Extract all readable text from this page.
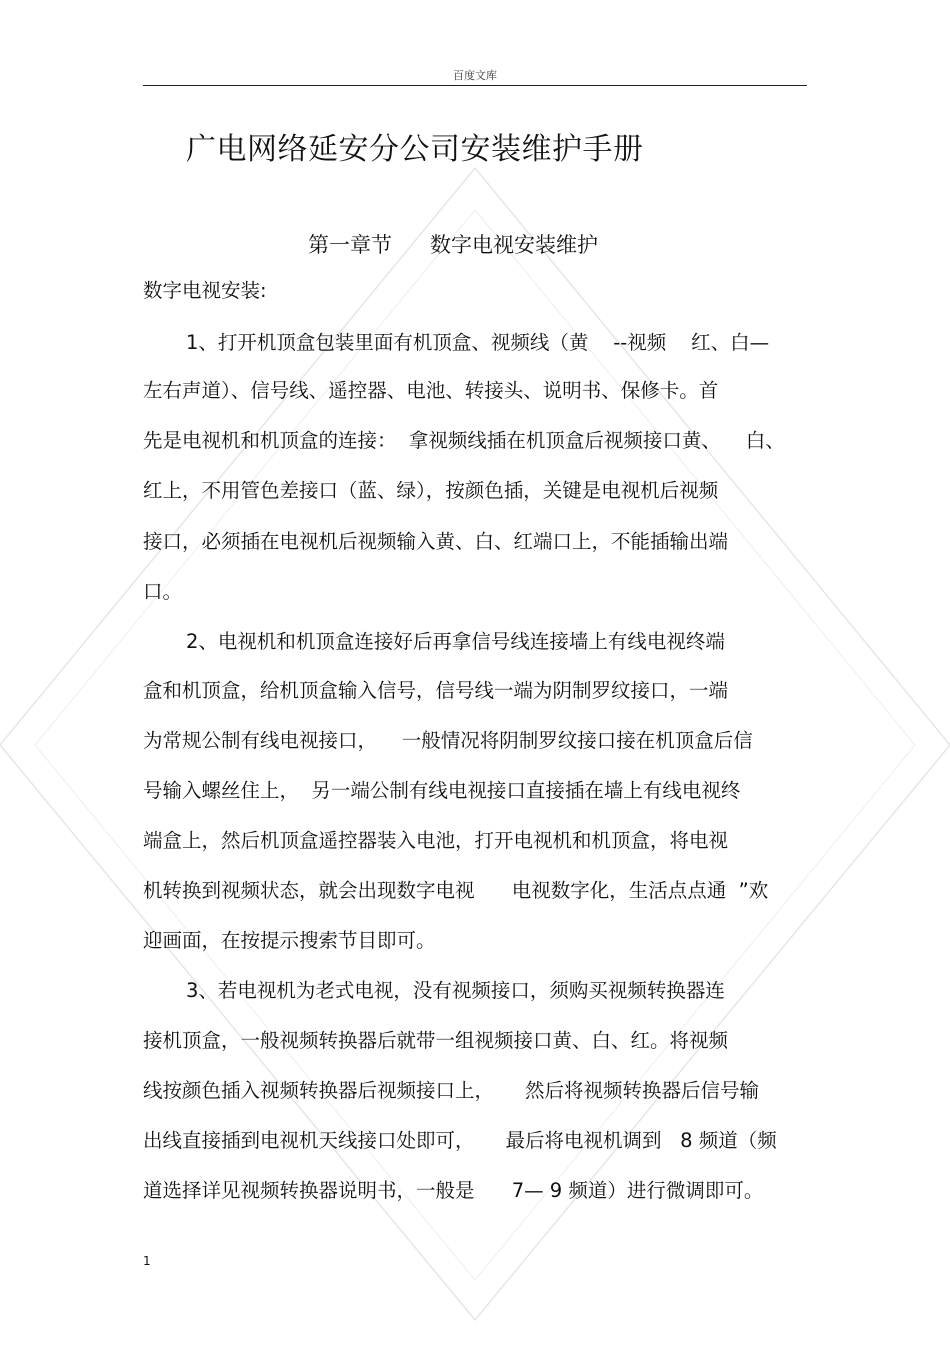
百度文库
广电网络延安分公司安装维护手册
第一章节 数字电视安装维护
数字电视安装:
1、打开机顶盒包装里面有机顶盒、视频线（黄    --视频    红、白—
左右声道）、信号线、遥控器、电池、转接头、说明书、保修卡。首
先是电视机和机顶盒的连接：  拿视频线插在机顶盒后视频接口黄、    白、
红上，不用管色差接口（蓝、绿），按颜色插，关键是电视机后视频
接口，必须插在电视机后视频输入黄、白、红端口上，不能插输出端
口。
2、电视机和机顶盒连接好后再拿信号线连接墙上有线电视终端
盒和机顶盒，给机顶盒输入信号，信号线一端为阴制罗纹接口，一端
为常规公制有线电视接口，    一般情况将阴制罗纹接口接在机顶盒后信
号输入螺丝住上，  另一端公制有线电视接口直接插在墙上有线电视终
端盒上，然后机顶盒遥控器装入电池，打开电视机和机顶盒，将电视
机转换到视频状态，就会出现数字电视      电视数字化，生活点点通  ”欢
迎画面，在按提示搜索节目即可。
3、若电视机为老式电视，没有视频接口，须购买视频转换器连
接机顶盒，一般视频转换器后就带一组视频接口黄、白、红。将视频
线按颜色插入视频转换器后视频接口上，     然后将视频转换器后信号输
出线直接插到电视机天线接口处即可，     最后将电视机调到   8 频道（频
道选择详见视频转换器说明书，一般是      7— 9 频道）进行微调即可。
1
